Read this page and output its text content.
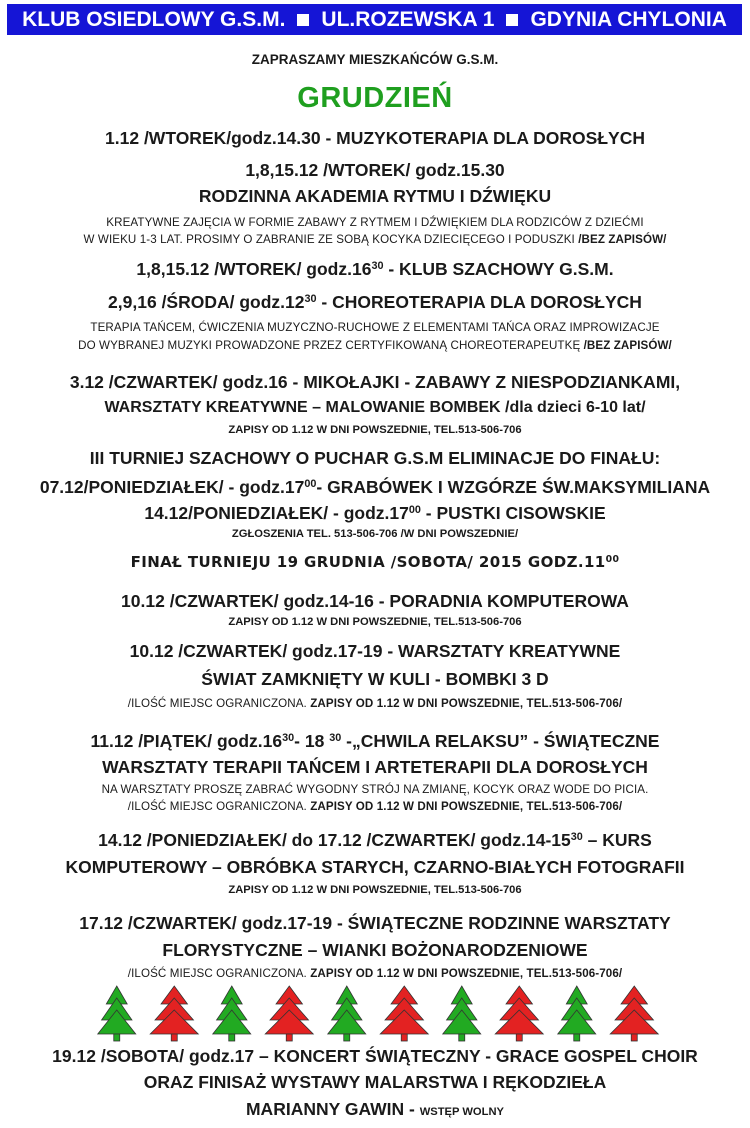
KLUB OSIEDLOWY G.S.M. UL.ROZEWSKA 1 GDYNIA CHYLONIA
ZAPRASZAMY MIESZKAŃCÓW G.S.M.
GRUDZIEŃ
1.12 /WTOREK/godz.14.30 - MUZYKOTERAPIA DLA DOROSŁYCH
1,8,15.12 /WTOREK/ godz.15.30
RODZINNA AKADEMIA RYTMU I DŹWIĘKU
KREATYWNE ZAJĘCIA W FORMIE ZABAWY Z RYTMEM I DŹWIĘKIEM DLA RODZICÓW Z DZIEĆMI
W WIEKU 1-3 LAT. PROSIMY O ZABRANIE ZE SOBĄ KOCYKA DZIECIĘCEGO I PODUSZKI /BEZ ZAPISÓW/
1,8,15.12 /WTOREK/ $godz.16^{30}$ - KLUB SZACHOWY G.S.M.
2,9,16 /ŚRODA/ $godz.12^{30}$ - CHOREOTERAPIA DLA DOROSŁYCH
TERAPIA TAŃCEM, ĆWICZENIA MUZYCZNO-RUCHOWE Z ELEMENTAMI TAŃCA ORAZ IMPROWIZACJE
DO WYBRANEJ MUZYKI PROWADZONE PRZEZ CERTYFIKOWANĄ CHOREOTERAPEUTKĘ /BEZ ZAPISÓW/
3.12 /CZWARTEK/ godz.16 - MIKOŁAJKI - ZABAWY Z NIESPODZIANKAMI,
WARSZTATY KREATYWNE – MALOWANIE BOMBEK /dla dzieci 6-10 lat/
ZAPISY OD 1.12 W DNI POWSZEDNIE, TEL.513-506-706
III TURNIEJ SZACHOWY O PUCHAR G.S.M ELIMINACJE DO FINAŁU:
07.12/PONIEDZIAŁEK/ - $godz.17^{00}-$ GRABÓWEK I WZGÓRZE ŚW.MAKSYMILIANA
14.12/PONIEDZIAŁEK/ - $godz.17^{00}$ - PUSTKI CISOWSKIE
ZGŁOSZENIA TEL. 513-506-706 /W DNI POWSZEDNIE/
FINAŁ TURNIEJU 19 GRUDNIA /SOBOTA/ 2015 $GODZ.11^{00}$
10.12 /CZWARTEK/ godz.14-16 - PORADNIA KOMPUTEROWA
ZAPISY OD 1.12 W DNI POWSZEDNIE, TEL.513-506-706
10.12 /CZWARTEK/ godz.17-19 - WARSZTATY KREATYWNE
ŚWIAT ZAMKNIĘTY W KULI - BOMBKI 3 D
/ILOŚĆ MIEJSC OGRANICZONA. ZAPISY OD 1.12 W DNI POWSZEDNIE, TEL.513-506-706/
11.12 /PIĄTEK/ $godz.16^{30}-$ 18 $^{30}$ -„CHWILA RELAKSU” - ŚWIĄTECZNE
WARSZTATY TERAPII TAŃCEM I ARTETERAPII DLA DOROSŁYCH
NA WARSZTATY PROSZĘ ZABRAĆ WYGODNY STRÓJ NA ZMIANĘ, KOCYK ORAZ WODE DO PICIA.
/ILOŚĆ MIEJSC OGRANICZONA. ZAPISY OD 1.12 W DNI POWSZEDNIE, TEL.513-506-706/
14.12 /PONIEDZIAŁEK/ do 17.12 /CZWARTEK/ $godz.14-15^{30}$ – KURS
KOMPUTEROWY – OBRÓBKA STARYCH, CZARNO-BIAŁYCH FOTOGRAFII
ZAPISY OD 1.12 W DNI POWSZEDNIE, TEL.513-506-706
17.12 /CZWARTEK/ godz.17-19 - ŚWIĄTECZNE RODZINNE WARSZTATY
FLORYSTYCZNE – WIANKI BOŻONARODZENIOWE
/ILOŚĆ MIEJSC OGRANICZONA. ZAPISY OD 1.12 W DNI POWSZEDNIE, TEL.513-506-706/
19.12 /SOBOTA/ godz.17 – KONCERT ŚWIĄTECZNY - GRACE GOSPEL CHOIR
ORAZ FINISAŻ WYSTAWY MALARSTWA I RĘKODZIEŁA
MARIANNY GAWIN - WSTĘP WOLNY
